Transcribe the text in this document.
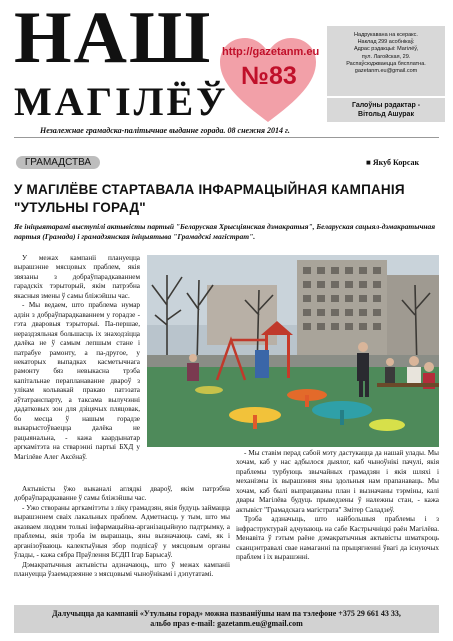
НАШ
МАГІЛЁЎ
http://gazetanm.eu
№83
Надрукавана на ксеракс.
Наклад 299 асобнікаў.
Адрас рэдакцыі: Магілёў,
пул. Лагойская, 29.
Распаўсюджваецца бясплатна.
gazetanm.eu@gmail.com
Галоўны рэдактар -
Вітольд Ашурак
Незалежнае грамадска-палітычнае выданне горада. 08 снежня 2014 г.
ГРАМАДСТВА	■ Якуб Корсак
У МАГІЛЁВЕ СТАРТАВАЛА ІНФАРМАЦЫЙНАЯ КАМПАНІЯ "УТУЛЬНЫ ГОРАД"
Яе ініцыятарамі выступілі актывісты партый "Беларуская Хрысціянская дэмакратыя", Беларуская сацыял-дэмакратычная партыя (Грамада) і грамадзянская ініцыятыва "Грамадскі магістрат".

У межах кампаніі плануецца вырашэнне мясцовых праблем, якія звязаны з добраўпарадкаваннем гарадскіх тэрыторый, якім патрэбна якасныя змены ў самы бліжэйшы час.

- Мы ведаем, што праблема нумар адзін з добраўпарадкаваннем у горадзе - гэта дваровыя тэрыторыі. Па-першае, нераздзяльная большасць іх знаходзіцца далёка не ў самым лепшым стане і патрабуе рамонту, а па-другое, у некаторых выпадках касметычнага рамонту бяз невыкасна трэба капітальнае перапланаванне двароў з улікам кольвакай пракаю патэзата аўтатранспарту, а таксама вылучэнні дадатковых зон для дзіцячых пляцовак, бо месца ў нашым горадзе выкарыстоўваецца далёка не рацыянальна, - кажа каардынатар аргкамітэта на стварэнні партыі БХД у Магілёве Алег Аксёнаў.

Актывісты ўжо выканалі аглядкі двароў, якім патрэбна добраўпарадкаванне ў самы бліжэйшы час.

- Ужо створаны аргкамітэты з ліку грамадзян, якія будуць займацца вырашэннем сваіх лакальных праблем. Адметнасць у тым, што мы аказваем людзям толькі інфармацыйна-арганізацыйную падтрымку, а праблемы, якія трэба ім вырашаць, яны вызначаюць самі, як і арганізоўваюць калектыўныя збор подпісаў у мясцовым органы ўлады, - кажа сябра Праўлення БСДП Ігар Барысаў.

Дэмакратычныя актывісты адзначаюць, што ў межах кампаніі плануецца ўзаемадзеянне з мясцовымі чыноўнікамі і дэпутатамі.

- Мы ставім перад сабой мэту дастукацца да нашай улады. Мы хочам, каб у нас адбылося дыялог, каб чыноўнікі пачулі, якія праблемы турбуюць звычайных грамадзян і якія шляхі і механізмы іх вырашэння яны здольныя нам прапанаваць. Мы хочам, каб былі выпрацаваны план і вызначаны тэрміны, калі двары Магілёва будуць прыведзены ў належны стан, - кажа актывіст "Грамадскага магістрата" Змітер Саладзеў.

Трэба адзначыць, што найбольшыя праблемы і з інфраструктурай адчуваюць на сабе Кастрычніцкі раён Магілёва. Менавіта ў гэтым раёне дэмакратычныя актывісты шматкроць сканцэнтравалі свае намаганні па прыцягненні ўвагі да існуючых праблем і іх вырашэнні.

Далучыцца да кампаніі «Утульны горад» можна пазваніўшы нам па тэлефоне +375 29 661 43 33,
альбо праз e-mail: gazetanm.eu@gmail.com
